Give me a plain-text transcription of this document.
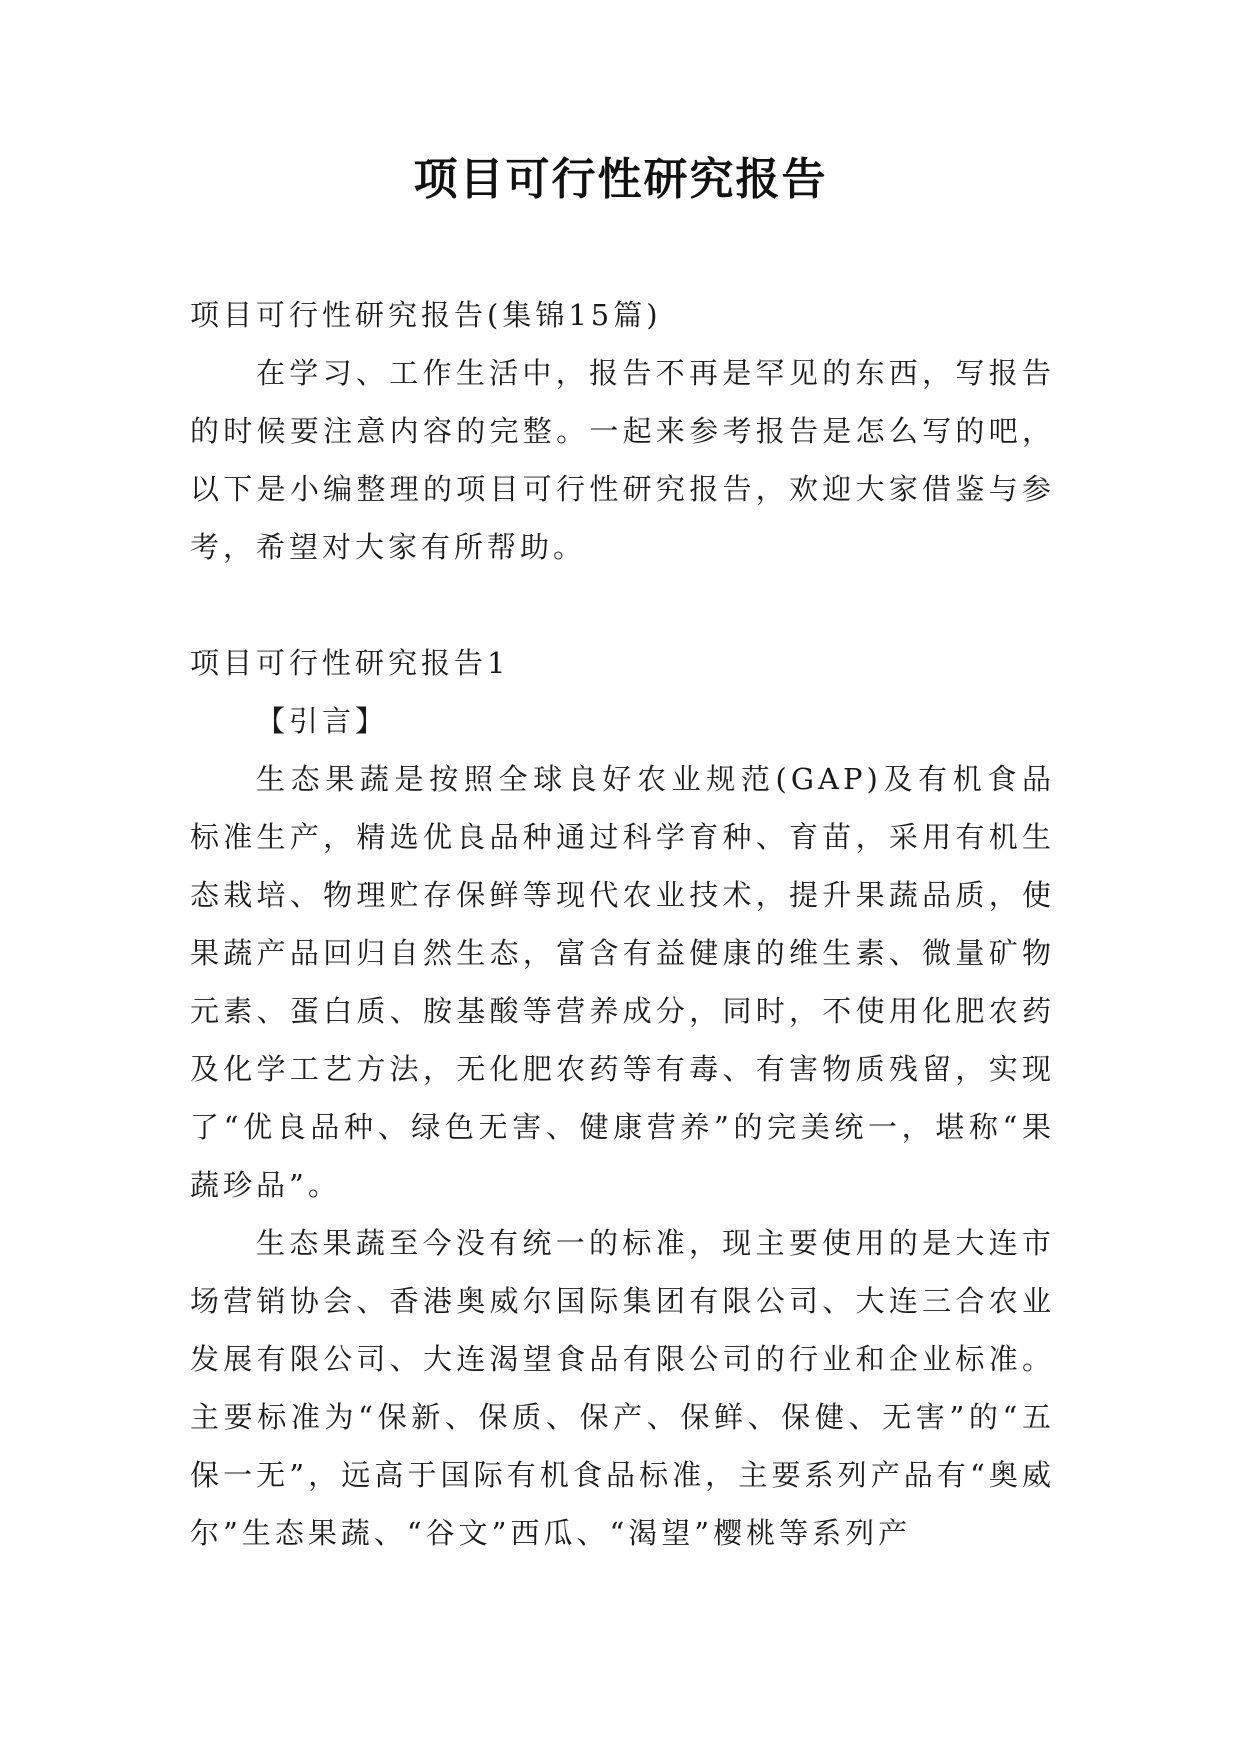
项目可行性研究报告

项目可行性研究报告(集锦15篇)

在学习、工作生活中，报告不再是罕见的东西，写报告的时候要注意内容的完整。一起来参考报告是怎么写的吧，以下是小编整理的项目可行性研究报告，欢迎大家借鉴与参考，希望对大家有所帮助。

项目可行性研究报告1

【引言】

生态果蔬是按照全球良好农业规范(GAP)及有机食品标准生产，精选优良品种通过科学育种、育苗，采用有机生态栽培、物理贮存保鲜等现代农业技术，提升果蔬品质，使果蔬产品回归自然生态，富含有益健康的维生素、微量矿物元素、蛋白质、胺基酸等营养成分，同时，不使用化肥农药及化学工艺方法，无化肥农药等有毒、有害物质残留，实现了“优良品种、绿色无害、健康营养”的完美统一，堪称“果蔬珍品”。

生态果蔬至今没有统一的标准，现主要使用的是大连市场营销协会、香港奥威尔国际集团有限公司、大连三合农业发展有限公司、大连渴望食品有限公司的行业和企业标准。主要标准为“保新、保质、保产、保鲜、保健、无害”的“五保一无”，远高于国际有机食品标准，主要系列产品有“奥威尔”生态果蔬、“谷文”西瓜、“渴望”樱桃等系列产
